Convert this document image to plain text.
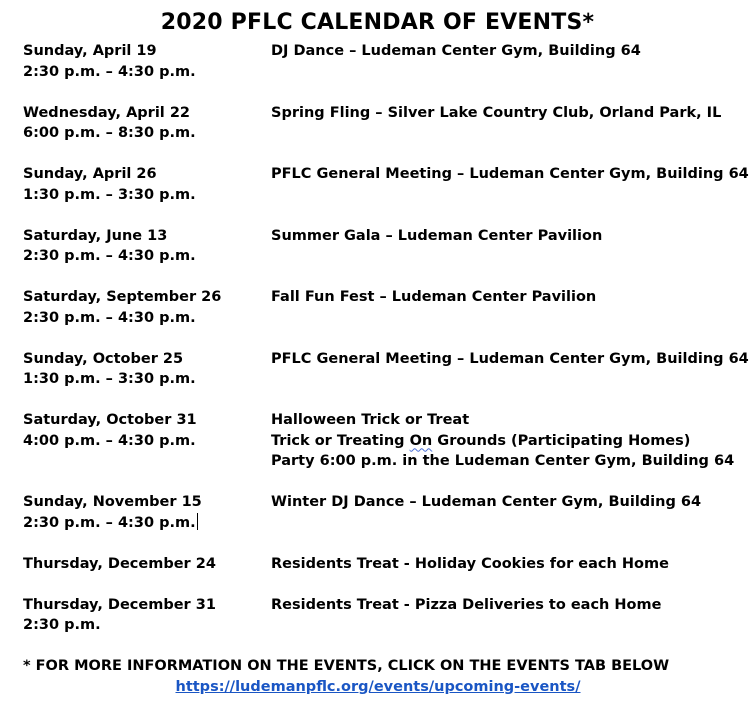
2020 PFLC CALENDAR OF EVENTS*
Sunday, April 19
2:30 p.m. – 4:30 p.m.
DJ Dance – Ludeman Center Gym, Building 64
Wednesday, April 22
6:00 p.m. – 8:30 p.m.
Spring Fling – Silver Lake Country Club, Orland Park, IL
Sunday, April 26
1:30 p.m. – 3:30 p.m.
PFLC General Meeting – Ludeman Center Gym, Building 64
Saturday, June 13
2:30 p.m. – 4:30 p.m.
Summer Gala – Ludeman Center Pavilion
Saturday, September 26
2:30 p.m. – 4:30 p.m.
Fall Fun Fest – Ludeman Center Pavilion
Sunday, October 25
1:30 p.m. – 3:30 p.m.
PFLC General Meeting – Ludeman Center Gym, Building 64
Saturday, October 31
4:00 p.m. – 4:30 p.m.
Halloween Trick or Treat
Trick or Treating On Grounds (Participating Homes)
Party 6:00 p.m. in the Ludeman Center Gym, Building 64
Sunday, November 15
2:30 p.m. – 4:30 p.m.
Winter DJ Dance – Ludeman Center Gym, Building 64
Thursday, December 24	Residents Treat - Holiday Cookies for each Home
Thursday, December 31
2:30 p.m.
Residents Treat - Pizza Deliveries to each Home
* FOR MORE INFORMATION ON THE EVENTS, CLICK ON THE EVENTS TAB BELOW
https://ludemanpflc.org/events/upcoming-events/
